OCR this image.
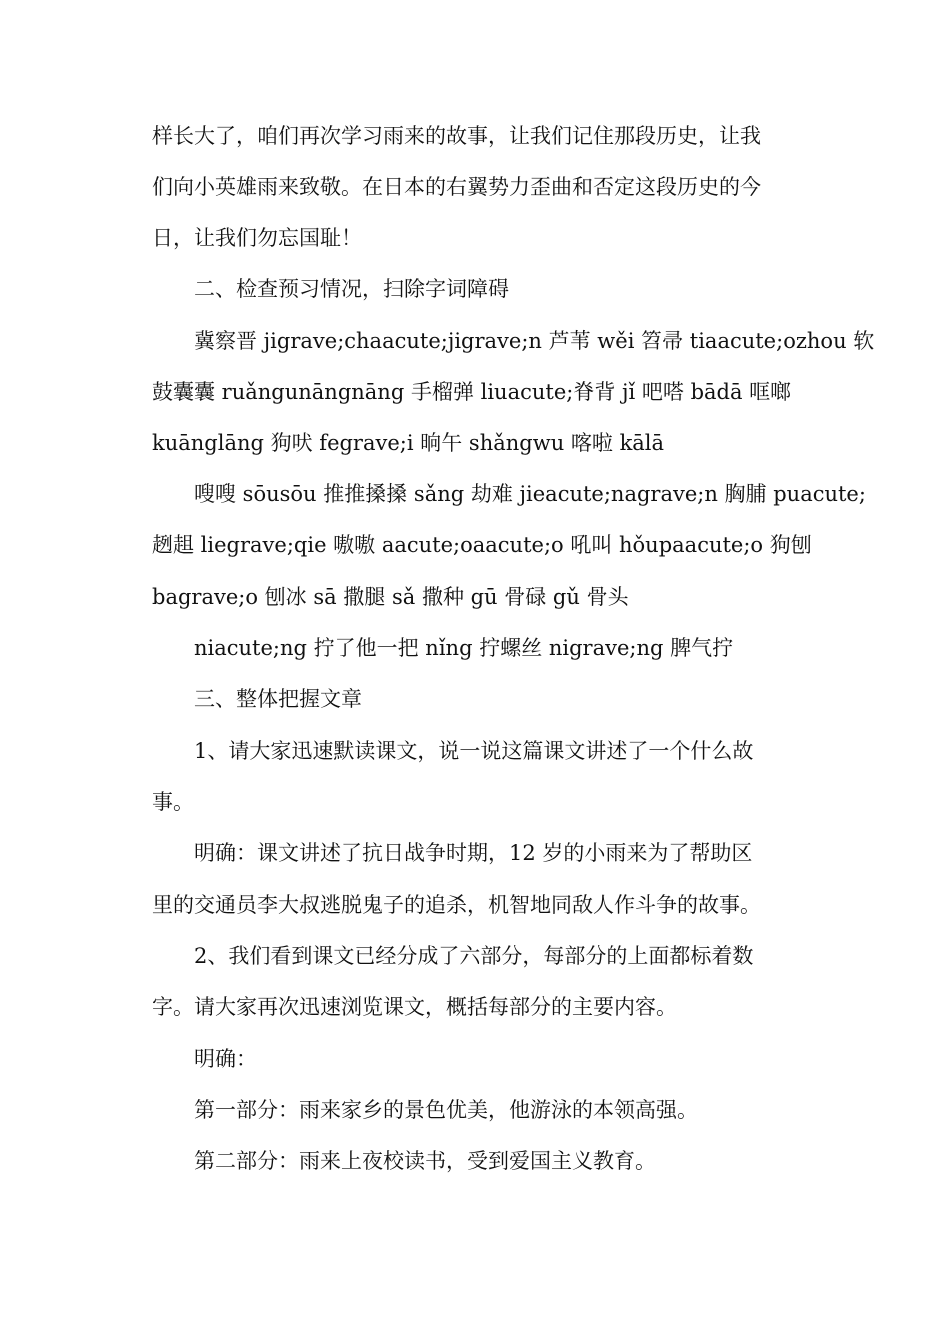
样长大了，咱们再次学习雨来的故事，让我们记住那段历史，让我
们向小英雄雨来致敬。在日本的右翼势力歪曲和否定这段历史的今
日，让我们勿忘国耻！
二、检查预习情况，扫除字词障碍
冀察晋 jigrave;chaacute;jigrave;n 芦苇 wěi 笤帚 tiaacute;ozhou 软
鼓囊囊 ruǎngunāngnāng 手榴弹 liuacute;脊背 jǐ 吧嗒 bādā 哐啷
kuānglāng 狗吠 fegrave;i 晌午 shǎngwu 喀啦 kālā
嗖嗖 sōusōu 推推搡搡 sǎng 劫难 jieacute;nagrave;n 胸脯 puacute;
趔趄 liegrave;qie 嗷嗷 aacute;oaacute;o 吼叫 hǒupaacute;o 狗刨
bagrave;o 刨冰 sā 撒腿 sǎ 撒种 gū 骨碌 gǔ 骨头
niacute;ng 拧了他一把 nǐng 拧螺丝 nigrave;ng 脾气拧
三、整体把握文章
1、请大家迅速默读课文，说一说这篇课文讲述了一个什么故
事。
明确：课文讲述了抗日战争时期，12 岁的小雨来为了帮助区
里的交通员李大叔逃脱鬼子的追杀，机智地同敌人作斗争的故事。
2、我们看到课文已经分成了六部分，每部分的上面都标着数
字。请大家再次迅速浏览课文，概括每部分的主要内容。
明确：
第一部分：雨来家乡的景色优美，他游泳的本领高强。
第二部分：雨来上夜校读书，受到爱国主义教育。
